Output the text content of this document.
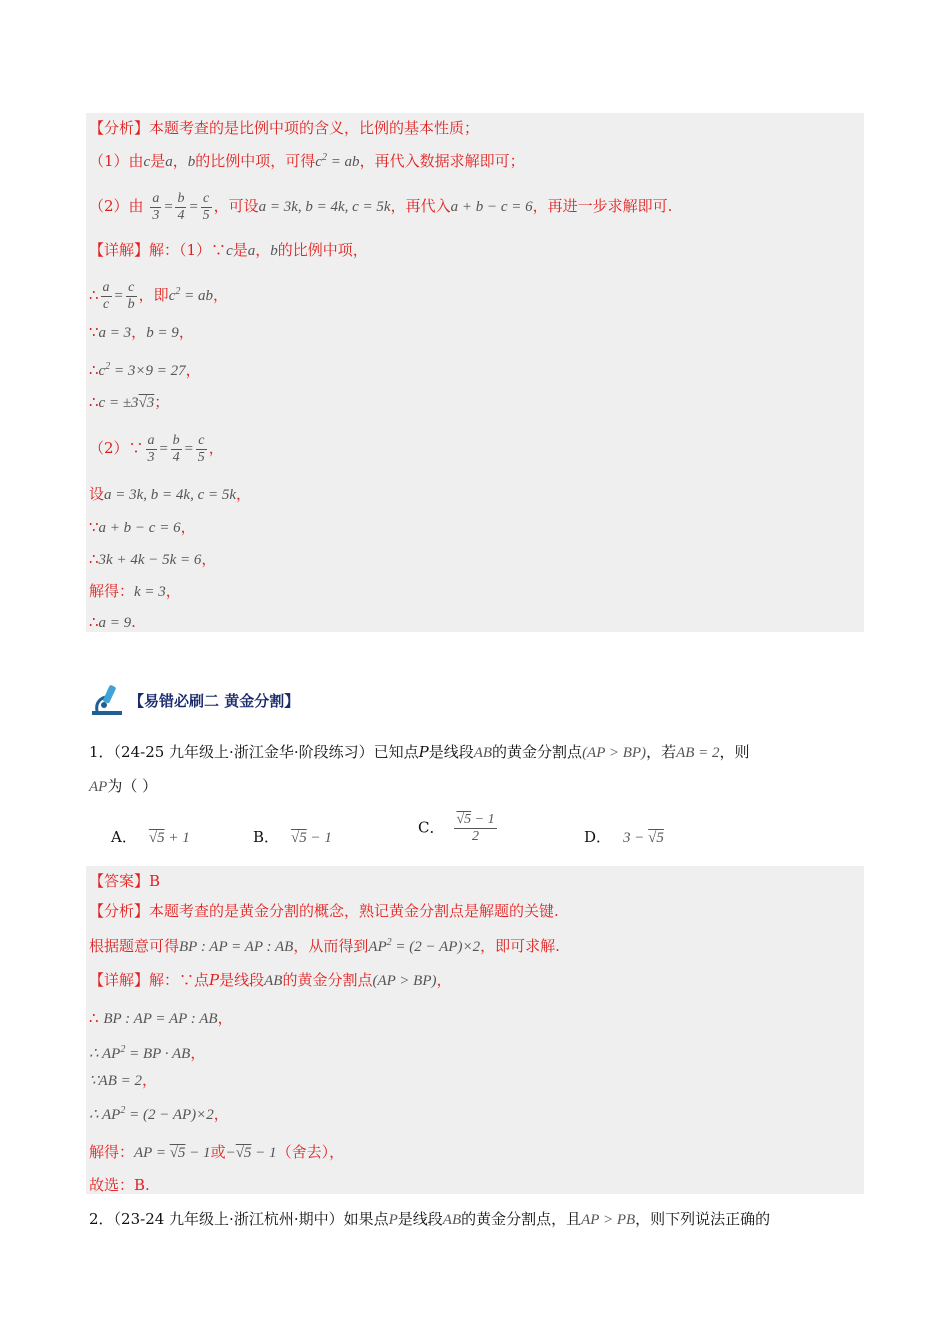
【分析】本题考查的是比例中项的含义，比例的基本性质；
（1）由c是a，b的比例中项，可得$c^2$ = ab，再代入数据求解即可；
（2）由 $\frac{a}{3} = \frac{b}{4} = \frac{c}{5}$ ，可设a = 3k, b = 4k, c = 5k，再代入a + b − c = 6，再进一步求解即可.
【详解】解：（1）∵c是a，b的比例中项，
∴ $\frac{a}{c} = \frac{c}{b}$ ，即$c^2$ = ab，
∵a = 3，b = 9，
$\therefore c^2 = 3\times 9 = 27$，
∴c = ±3√3；
（2）∵ $\frac{a}{3} = \frac{b}{4} = \frac{c}{5}$ ，
设a = 3k, b = 4k, c = 5k，
∵a + b − c = 6，
∴3k + 4k − 5k = 6，
解得：k = 3，
∴a = 9.
【易错必刷二 黄金分割】
1．（24-25 九年级上·浙江金华·阶段练习）已知点P是线段AB的黄金分割点(AP > BP)，若AB = 2，则
AP为（ ）
A． √5 + 1	B． √5 − 1
C． $\frac{√5 - 1}{2}$	D． 3 − √5
【答案】B
【分析】本题考查的是黄金分割的概念，熟记黄金分割点是解题的关键.
根据题意可得BP : AP = AP : AB，从而得到$AP^2 = (2 - AP)\times 2$，即可求解.
【详解】解：∵点P是线段AB的黄金分割点(AP > BP)，
∴ BP : AP = AP : AB，
∴ $AP^2$ = BP · AB，
∵AB = 2，
∴ $AP^2 = (2 - AP)\times 2$，
解得：AP = √5 − 1或−√5 − 1（舍去），
故选：B.
2．（23-24 九年级上·浙江杭州·期中）如果点P是线段AB的黄金分割点，且AP > PB，则下列说法正确的
